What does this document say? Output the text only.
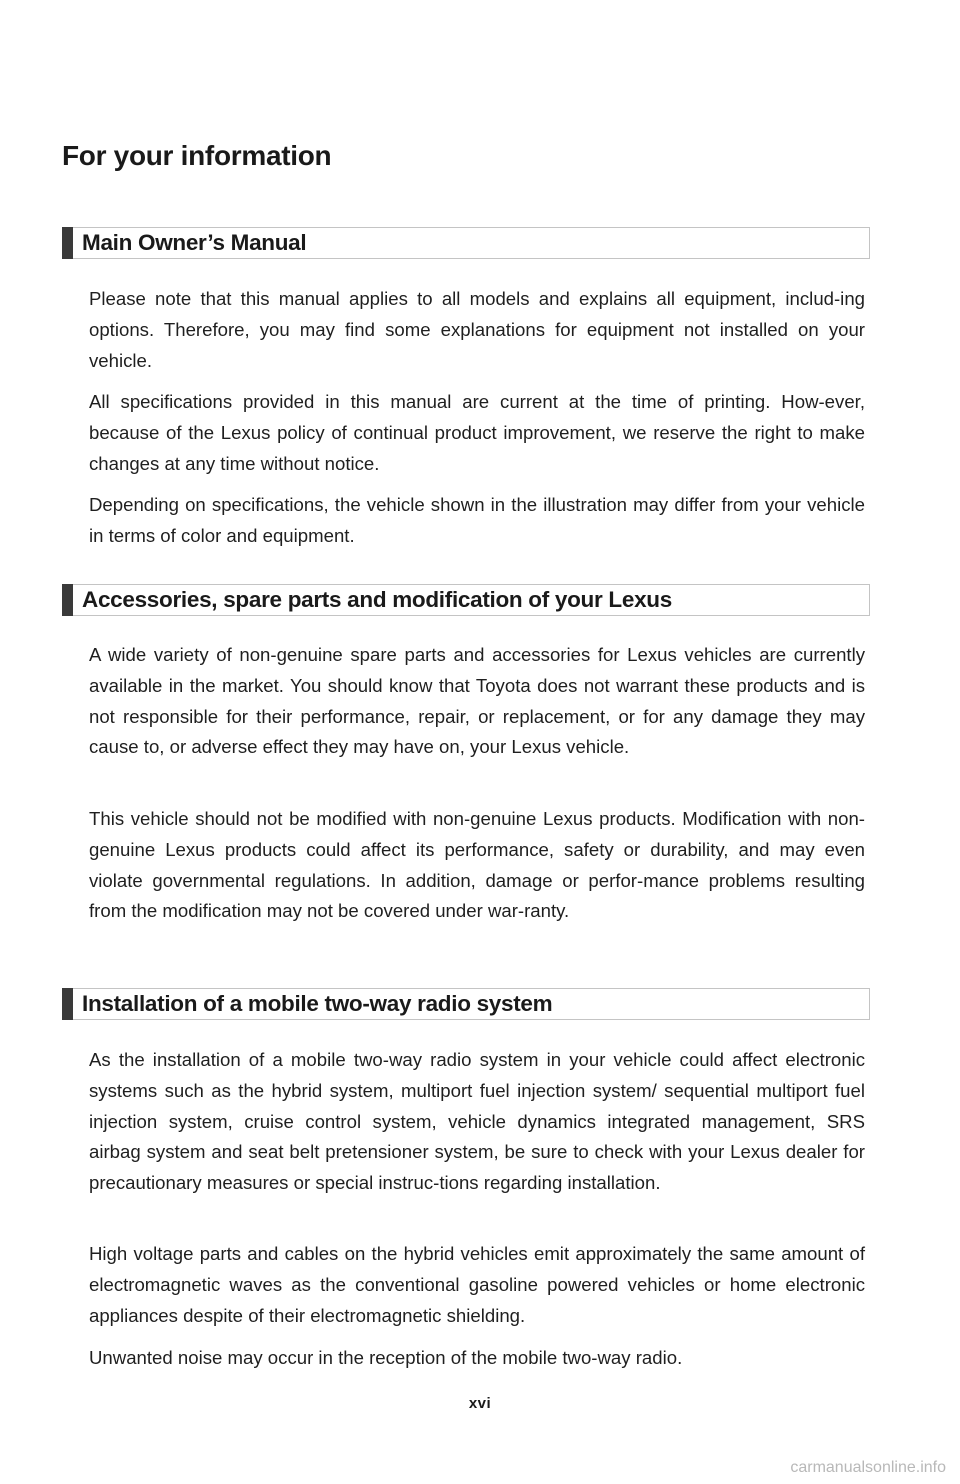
For your information
Main Owner’s Manual

Please note that this manual applies to all models and explains all equipment, includ-ing options. Therefore, you may find some explanations for equipment not installed on your vehicle.

All specifications provided in this manual are current at the time of printing. How-ever, because of the Lexus policy of continual product improvement, we reserve the right to make changes at any time without notice.

Depending on specifications, the vehicle shown in the illustration may differ from your vehicle in terms of color and equipment.

Accessories, spare parts and modification of your Lexus

A wide variety of non-genuine spare parts and accessories for Lexus vehicles are currently available in the market. You should know that Toyota does not warrant these products and is not responsible for their performance, repair, or replacement, or for any damage they may cause to, or adverse effect they may have on, your Lexus vehicle.

This vehicle should not be modified with non-genuine Lexus products. Modification with non-genuine Lexus products could affect its performance, safety or durability, and may even violate governmental regulations. In addition, damage or perfor-mance problems resulting from the modification may not be covered under war-ranty.

Installation of a mobile two-way radio system

As the installation of a mobile two-way radio system in your vehicle could affect electronic systems such as the hybrid system, multiport fuel injection system/ sequential multiport fuel injection system, cruise control system, vehicle dynamics integrated management, SRS airbag system and seat belt pretensioner system, be sure to check with your Lexus dealer for precautionary measures or special instruc-tions regarding installation.

High voltage parts and cables on the hybrid vehicles emit approximately the same amount of electromagnetic waves as the conventional gasoline powered vehicles or home electronic appliances despite of their electromagnetic shielding.

Unwanted noise may occur in the reception of the mobile two-way radio.

xvi
carmanualsonline.info
